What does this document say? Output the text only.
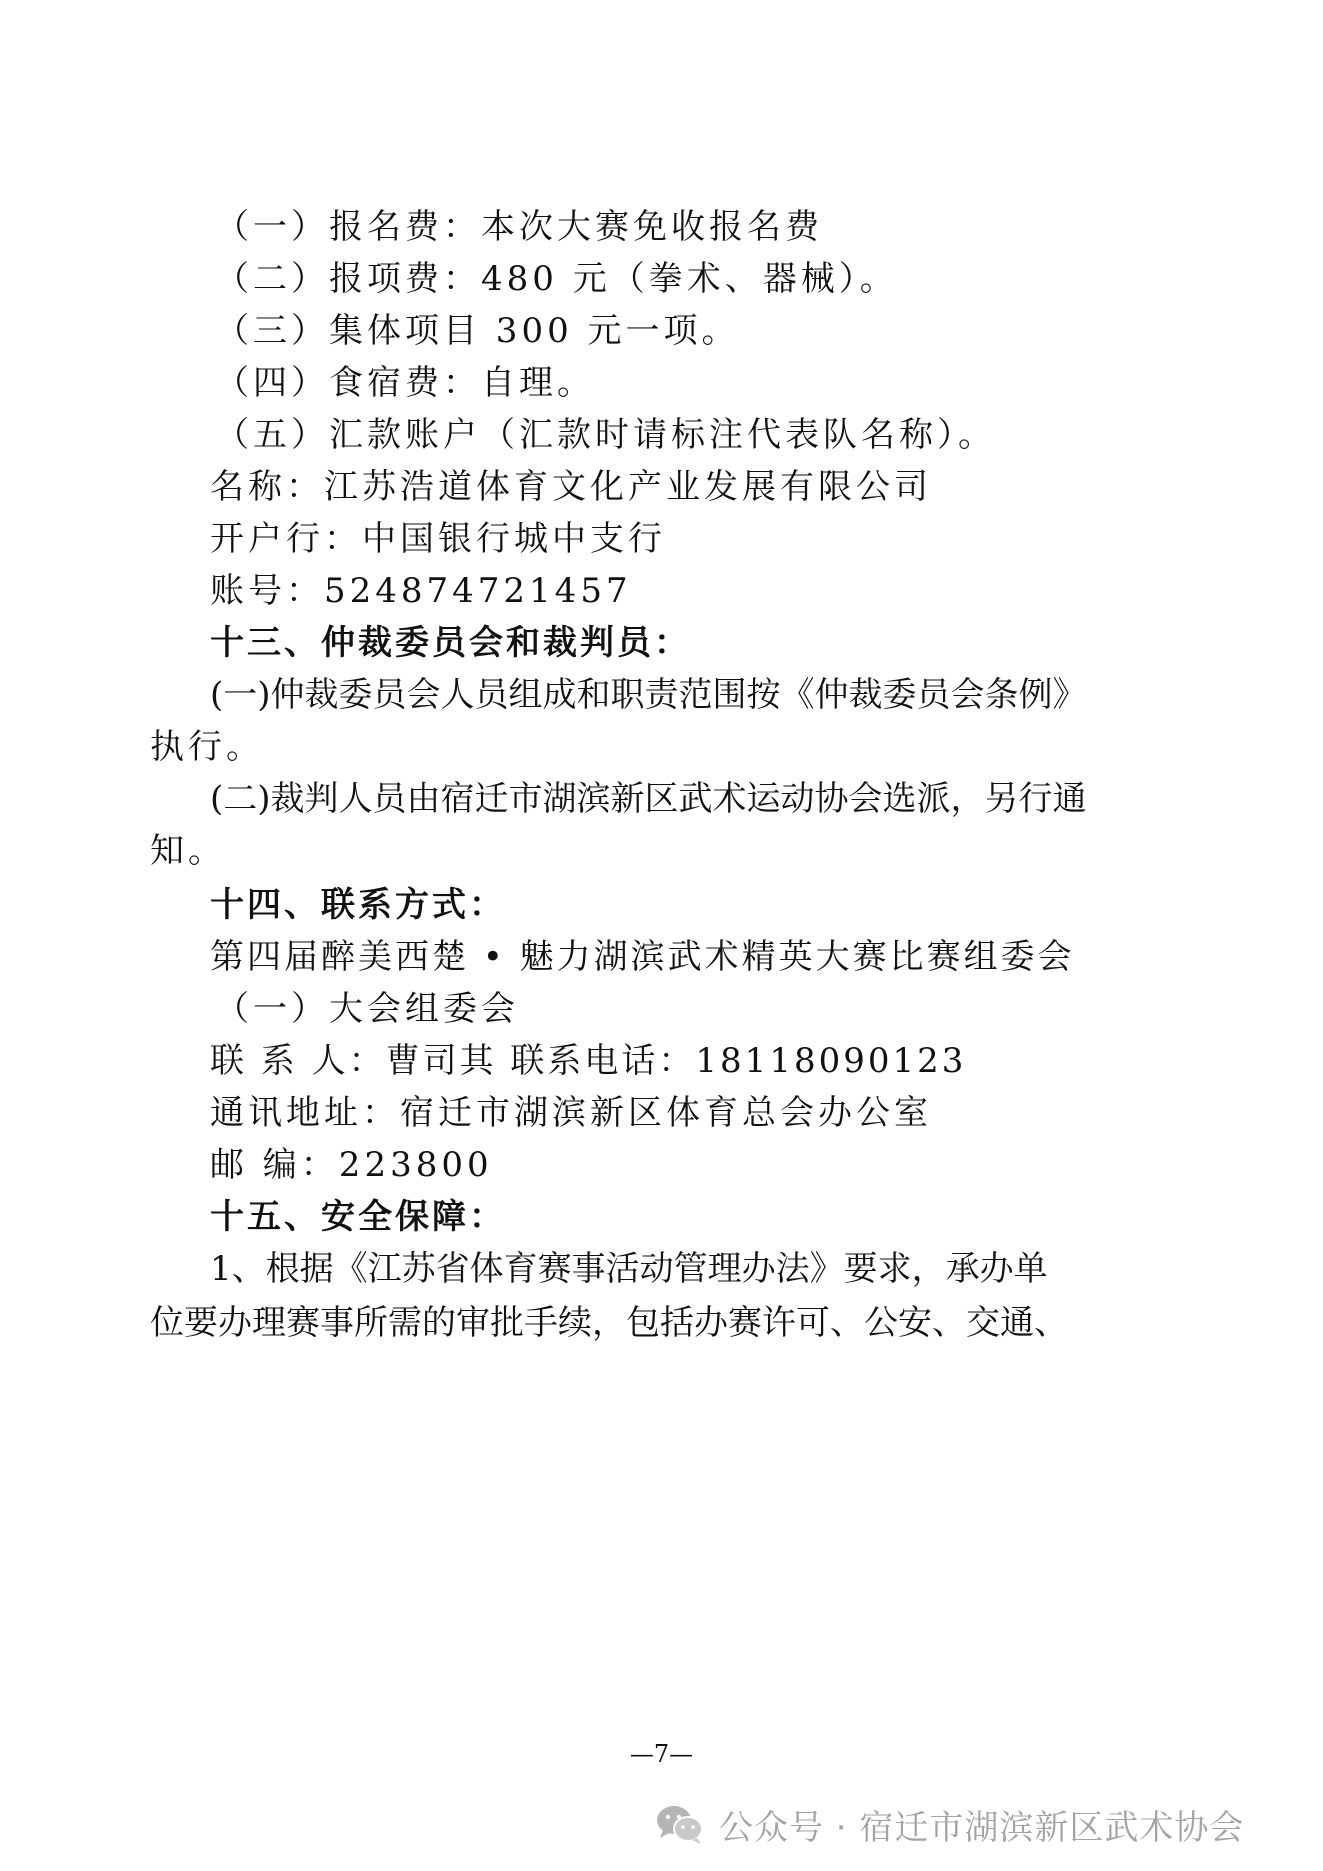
（一）报名费：本次大赛免收报名费
（二）报项费：480 元（拳术、器械）。
（三）集体项目 300 元一项。
（四）食宿费：自理。
（五）汇款账户（汇款时请标注代表队名称）。
名称：江苏浩道体育文化产业发展有限公司
开户行：中国银行城中支行
账号：524874721457
十三、仲裁委员会和裁判员：
(一)仲裁委员会人员组成和职责范围按《仲裁委员会条例》
执行。
(二)裁判人员由宿迁市湖滨新区武术运动协会选派，另行通
知。
十四、联系方式：
第四届醉美西楚 • 魅力湖滨武术精英大赛比赛组委会
（一）大会组委会
联 系 人：曹司其 联系电话：18118090123
通讯地址：宿迁市湖滨新区体育总会办公室
邮 编：223800
十五、安全保障：
1、根据《江苏省体育赛事活动管理办法》要求，承办单
位要办理赛事所需的审批手续，包括办赛许可、公安、交通、
—7—
公众号 · 宿迁市湖滨新区武术协会
